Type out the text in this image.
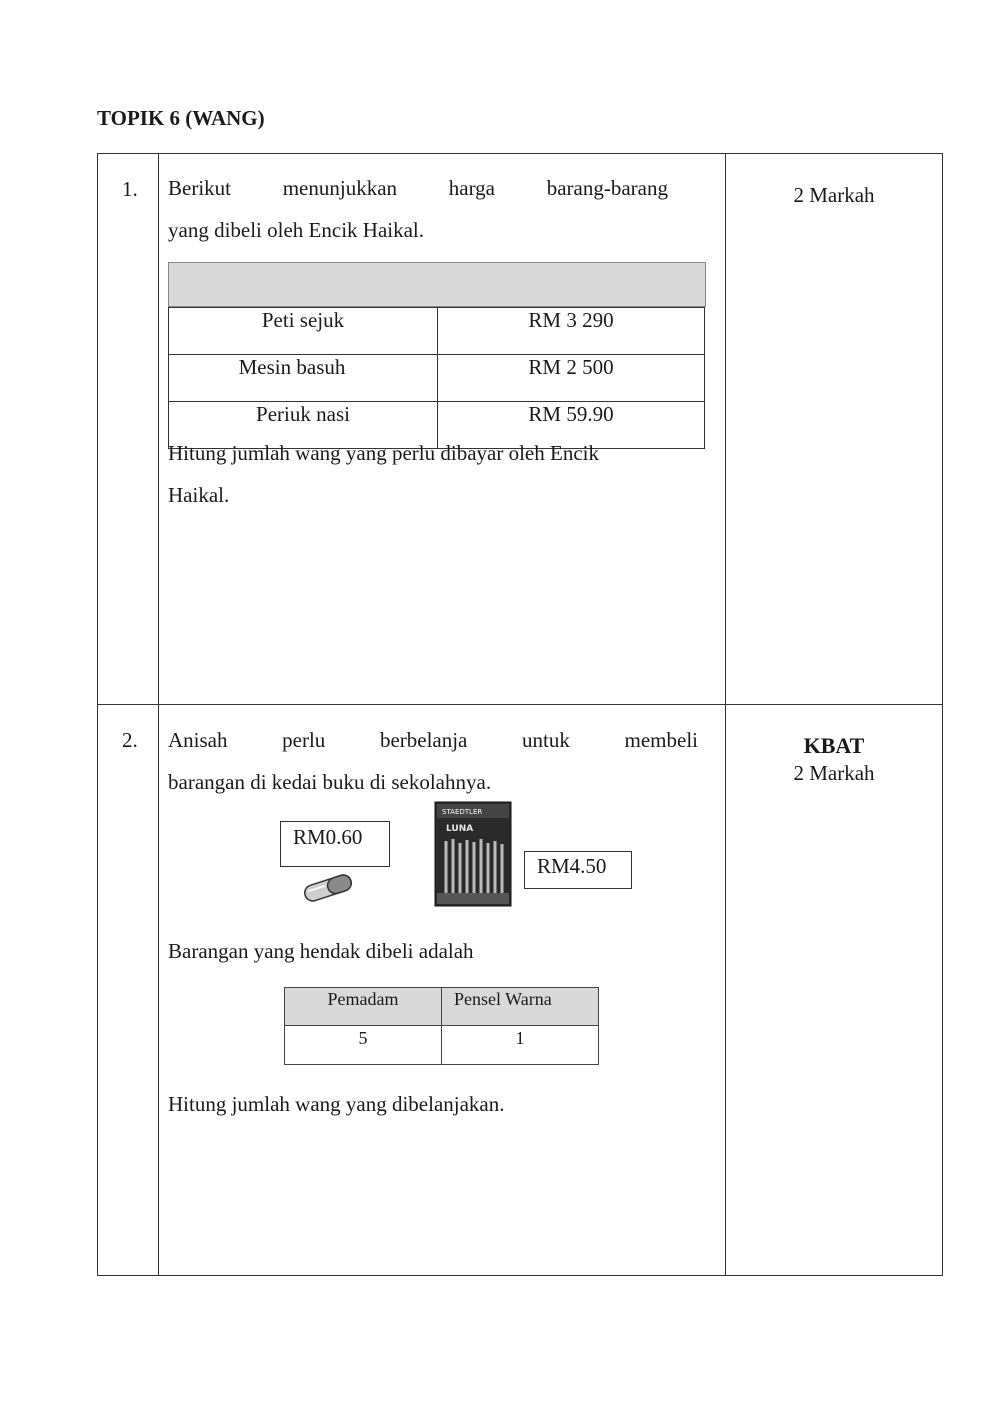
TOPIK 6 (WANG)
1. Berikut menunjukkan harga barang-barang
yang dibeli oleh Encik Haikal.
Peti sejuk	RM 3 290
Mesin basuh	RM 2 500
Periuk nasi	RM 59.90
Hitung jumlah wang yang perlu dibayar oleh Encik
Haikal.
2 Markah
2. Anisah	perlu	berbelanja	untuk	membeli
barangan di kedai buku di sekolahnya.
RM0.60
STAEDTLER
LUNA
RM4.50
Barangan yang hendak dibeli adalah
Pemadam	Pensel Warna
5	1
Hitung jumlah wang yang dibelanjakan.
KBAT
2 Markah
